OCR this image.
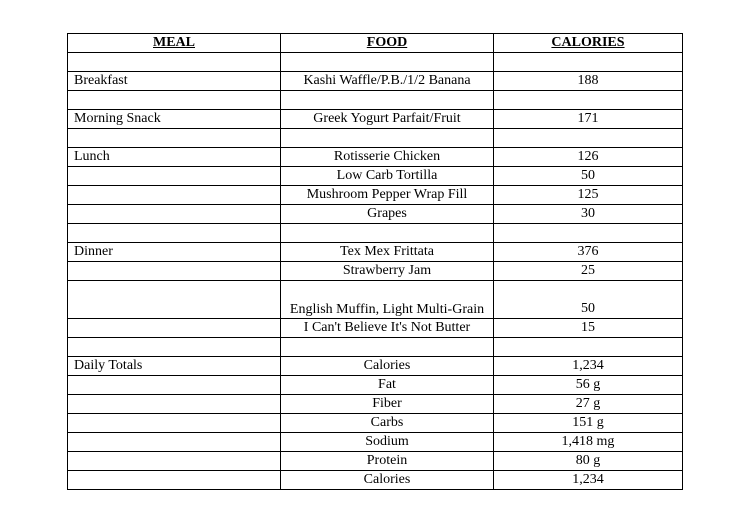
MEAL	FOOD	CALORIES

Breakfast	Kashi Waffle/P.B./1/2 Banana	188

Morning Snack	Greek Yogurt Parfait/Fruit	171

Lunch	Rotisserie Chicken	126
	Low Carb Tortilla	50
	Mushroom Pepper Wrap Fill	125
	Grapes	30

Dinner	Tex Mex Frittata	376
	Strawberry Jam	25
	English Muffin, Light Multi-Grain	50
	I Can't Believe It's Not Butter	15

Daily Totals	Calories	1,234
	Fat	56 g
	Fiber	27 g
	Carbs	151 g
	Sodium	1,418 mg
	Protein	80 g
	Calories	1,234
